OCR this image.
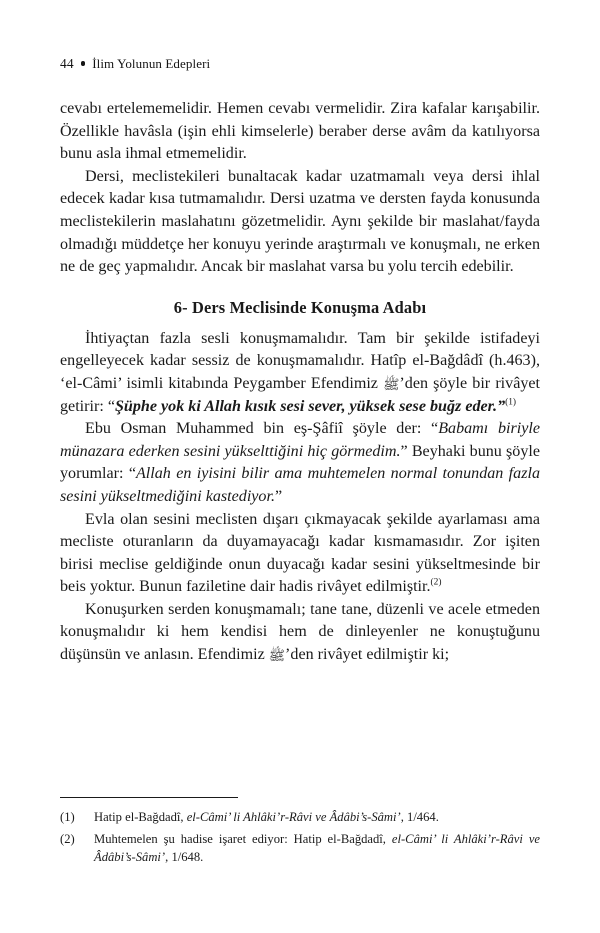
44 İlim Yolunun Edepleri

cevabı ertelememelidir. Hemen cevabı vermelidir. Zira kafalar karışabilir. Özellikle havâsla (işin ehli kimselerle) beraber derse avâm da katılıyorsa bunu asla ihmal etmemelidir.

Dersi, meclistekileri bunaltacak kadar uzatmamalı veya dersi ihlal edecek kadar kısa tutmamalıdır. Dersi uzatma ve dersten fayda konusunda meclistekilerin maslahatını gözetmelidir. Aynı şekilde bir maslahat/fayda olmadığı müddetçe her konuyu yerinde araştırmalı ve konuşmalı, ne erken ne de geç yapmalıdır. Ancak bir maslahat varsa bu yolu tercih edebilir.

6- Ders Meclisinde Konuşma Adabı

İhtiyaçtan fazla sesli konuşmamalıdır. Tam bir şekilde istifadeyi engelleyecek kadar sessiz de konuşmamalıdır. Hatîp el-Bağdâdî (h.463), ‘el-Câmi’ isimli kitabında Peygamber Efendimiz ﷺ’den şöyle bir rivâyet getirir: “Şüphe yok ki Allah kısık sesi sever, yüksek sese buğz eder.”$^{(1)}$

Ebu Osman Muhammed bin eş-Şâfiî şöyle der: “Babamı biriyle münazara ederken sesini yükselttiğini hiç görmedim.” Beyhaki bunu şöyle yorumlar: “Allah en iyisini bilir ama muhtemelen normal tonundan fazla sesini yükseltmediğini kastediyor.”

Evla olan sesini meclisten dışarı çıkmayacak şekilde ayarlaması ama mecliste oturanların da duyamayacağı kadar kısmamasıdır. Zor işiten birisi meclise geldiğinde onun duyacağı kadar sesini yükseltmesinde bir beis yoktur. Bunun faziletine dair hadis rivâyet edilmiştir.$^{(2)}$

Konuşurken serden konuşmamalı; tane tane, düzenli ve acele etmeden konuşmalıdır ki hem kendisi hem de dinleyenler ne konuştuğunu düşünsün ve anlasın. Efendimiz ﷺ’den rivâyet edilmiştir ki;

(1) Hatip el-Bağdadî, el-Câmi’ li Ahlâki’r-Râvi ve Âdâbi’s-Sâmi’, 1/464.
(2) Muhtemelen şu hadise işaret ediyor: Hatip el-Bağdadî, el-Câmi’ li Ahlâki’r-Râvi ve Âdâbi’s-Sâmi’, 1/648.
